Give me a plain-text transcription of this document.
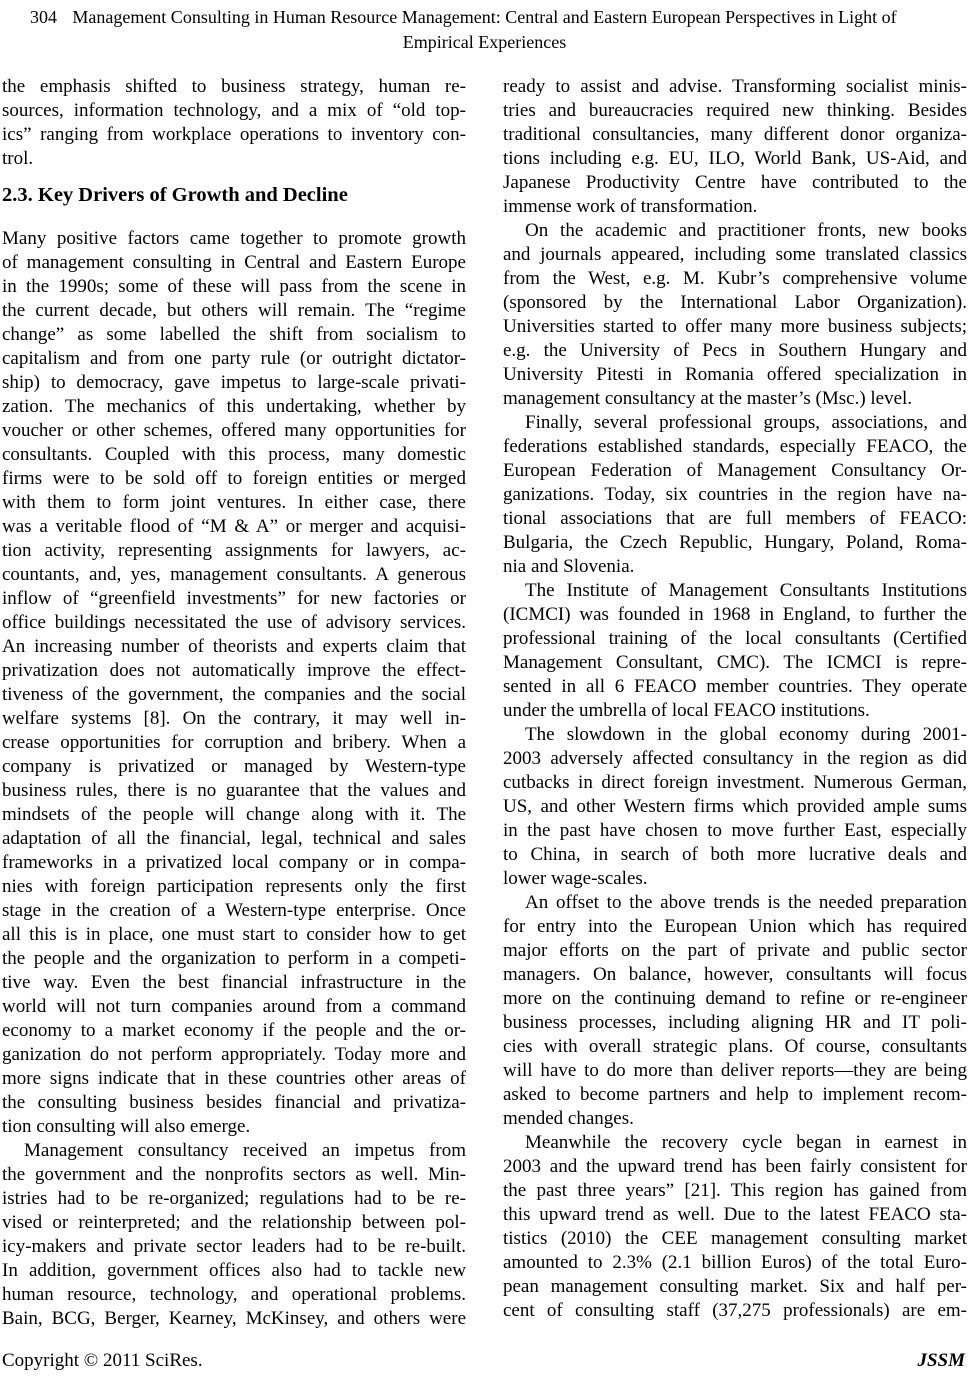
304 Management Consulting in Human Resource Management: Central and Eastern European Perspectives in Light of
Empirical Experiences
the emphasis shifted to business strategy, human re-
sources, information technology, and a mix of “old top-
ics” ranging from workplace operations to inventory con-
trol.
2.3. Key Drivers of Growth and Decline
Many positive factors came together to promote growth
of management consulting in Central and Eastern Europe
in the 1990s; some of these will pass from the scene in
the current decade, but others will remain. The “regime
change” as some labelled the shift from socialism to
capitalism and from one party rule (or outright dictator-
ship) to democracy, gave impetus to large-scale privati-
zation. The mechanics of this undertaking, whether by
voucher or other schemes, offered many opportunities for
consultants. Coupled with this process, many domestic
firms were to be sold off to foreign entities or merged
with them to form joint ventures. In either case, there
was a veritable flood of “M & A” or merger and acquisi-
tion activity, representing assignments for lawyers, ac-
countants, and, yes, management consultants. A generous
inflow of “greenfield investments” for new factories or
office buildings necessitated the use of advisory services.
An increasing number of theorists and experts claim that
privatization does not automatically improve the effect-
tiveness of the government, the companies and the social
welfare systems [8]. On the contrary, it may well in-
crease opportunities for corruption and bribery. When a
company is privatized or managed by Western-type
business rules, there is no guarantee that the values and
mindsets of the people will change along with it. The
adaptation of all the financial, legal, technical and sales
frameworks in a privatized local company or in compa-
nies with foreign participation represents only the first
stage in the creation of a Western-type enterprise. Once
all this is in place, one must start to consider how to get
the people and the organization to perform in a competi-
tive way. Even the best financial infrastructure in the
world will not turn companies around from a command
economy to a market economy if the people and the or-
ganization do not perform appropriately. Today more and
more signs indicate that in these countries other areas of
the consulting business besides financial and privatiza-
tion consulting will also emerge.
Management consultancy received an impetus from
the government and the nonprofits sectors as well. Min-
istries had to be re-organized; regulations had to be re-
vised or reinterpreted; and the relationship between pol-
icy-makers and private sector leaders had to be re-built.
In addition, government offices also had to tackle new
human resource, technology, and operational problems.
Bain, BCG, Berger, Kearney, McKinsey, and others were
ready to assist and advise. Transforming socialist minis-
tries and bureaucracies required new thinking. Besides
traditional consultancies, many different donor organiza-
tions including e.g. EU, ILO, World Bank, US-Aid, and
Japanese Productivity Centre have contributed to the
immense work of transformation.
On the academic and practitioner fronts, new books
and journals appeared, including some translated classics
from the West, e.g. M. Kubr’s comprehensive volume
(sponsored by the International Labor Organization).
Universities started to offer many more business subjects;
e.g. the University of Pecs in Southern Hungary and
University Pitesti in Romania offered specialization in
management consultancy at the master’s (Msc.) level.
Finally, several professional groups, associations, and
federations established standards, especially FEACO, the
European Federation of Management Consultancy Or-
ganizations. Today, six countries in the region have na-
tional associations that are full members of FEACO:
Bulgaria, the Czech Republic, Hungary, Poland, Roma-
nia and Slovenia.
The Institute of Management Consultants Institutions
(ICMCI) was founded in 1968 in England, to further the
professional training of the local consultants (Certified
Management Consultant, CMC). The ICMCI is repre-
sented in all 6 FEACO member countries. They operate
under the umbrella of local FEACO institutions.
The slowdown in the global economy during 2001-
2003 adversely affected consultancy in the region as did
cutbacks in direct foreign investment. Numerous German,
US, and other Western firms which provided ample sums
in the past have chosen to move further East, especially
to China, in search of both more lucrative deals and
lower wage-scales.
An offset to the above trends is the needed preparation
for entry into the European Union which has required
major efforts on the part of private and public sector
managers. On balance, however, consultants will focus
more on the continuing demand to refine or re-engineer
business processes, including aligning HR and IT poli-
cies with overall strategic plans. Of course, consultants
will have to do more than deliver reports—they are being
asked to become partners and help to implement recom-
mended changes.
Meanwhile the recovery cycle began in earnest in
2003 and the upward trend has been fairly consistent for
the past three years” [21]. This region has gained from
this upward trend as well. Due to the latest FEACO sta-
tistics (2010) the CEE management consulting market
amounted to 2.3% (2.1 billion Euros) of the total Euro-
pean management consulting market. Six and half per-
cent of consulting staff (37,275 professionals) are em-
Copyright © 2011 SciRes.	JSSM
